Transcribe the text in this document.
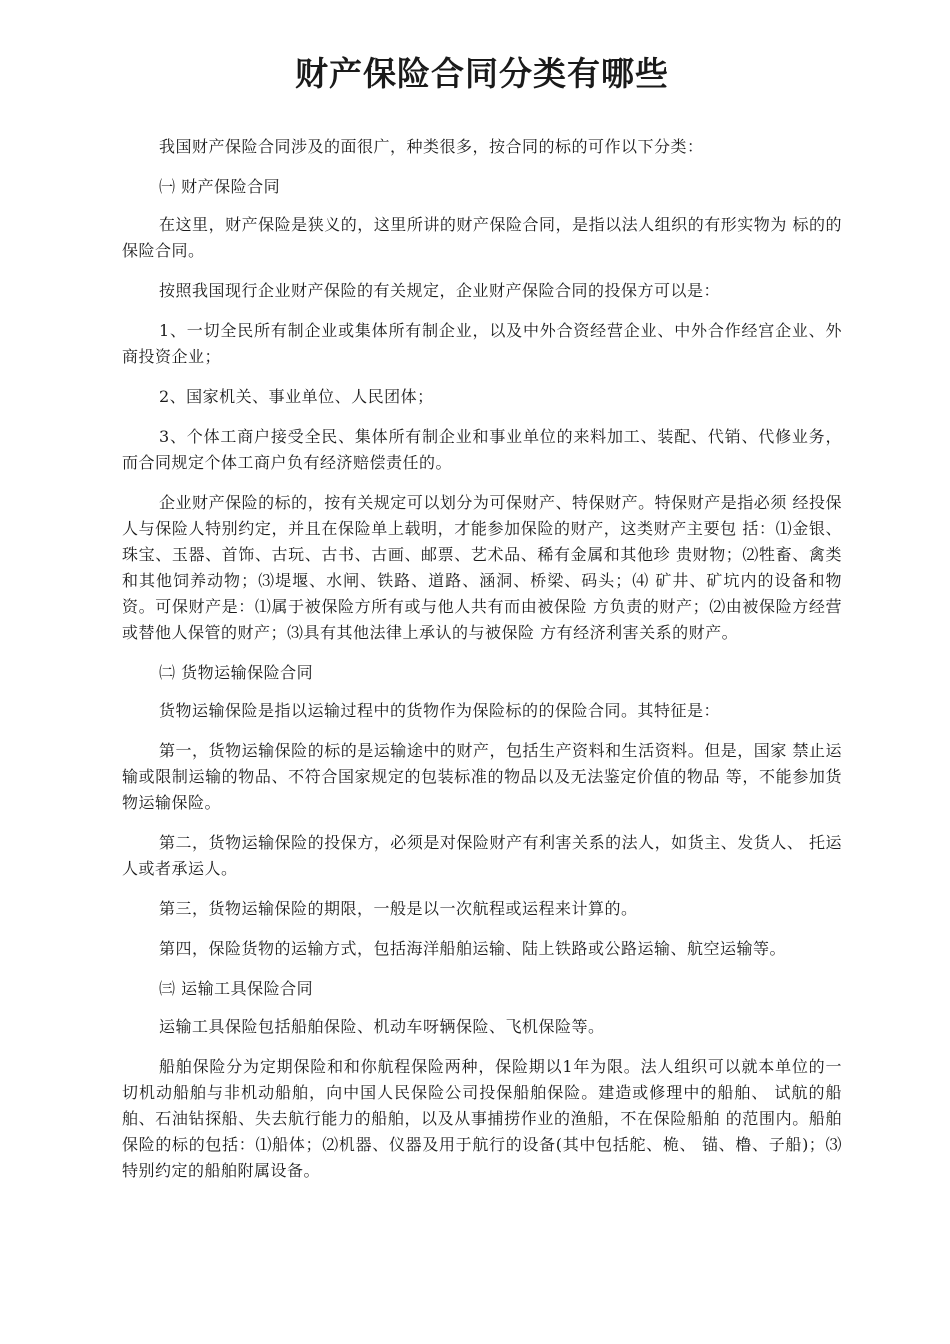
财产保险合同分类有哪些

我国财产保险合同涉及的面很广，种类很多，按合同的标的可作以下分类：

㈠ 财产保险合同

在这里，财产保险是狭义的，这里所讲的财产保险合同，是指以法人组织的有形实物为 标的的保险合同。

按照我国现行企业财产保险的有关规定，企业财产保险合同的投保方可以是：

1、一切全民所有制企业或集体所有制企业，以及中外合资经营企业、中外合作经宫企业、外商投资企业；

2、国家机关、事业单位、人民团体；

3、个体工商户接受全民、集体所有制企业和事业单位的来料加工、装配、代销、代修业务，而合同规定个体工商户负有经济赔偿责任的。

企业财产保险的标的，按有关规定可以划分为可保财产、特保财产。特保财产是指必须 经投保人与保险人特别约定，并且在保险单上载明，才能参加保险的财产，这类财产主要包 括：⑴金银、珠宝、玉器、首饰、古玩、古书、古画、邮票、艺术品、稀有金属和其他珍 贵财物；⑵牲畜、禽类和其他饲养动物；⑶堤堰、水闸、铁路、道路、涵洞、桥梁、码头；⑷ 矿井、矿坑内的设备和物资。可保财产是：⑴属于被保险方所有或与他人共有而由被保险 方负责的财产；⑵由被保险方经营或替他人保管的财产；⑶具有其他法律上承认的与被保险 方有经济利害关系的财产。

㈡ 货物运输保险合同

货物运输保险是指以运输过程中的货物作为保险标的的保险合同。其特征是：

第一，货物运输保险的标的是运输途中的财产，包括生产资料和生活资料。但是，国家 禁止运输或限制运输的物品、不符合国家规定的包装标准的物品以及无法鉴定价值的物品 等，不能参加货物运输保险。

第二，货物运输保险的投保方，必须是对保险财产有利害关系的法人，如货主、发货人、 托运人或者承运人。

第三，货物运输保险的期限，一般是以一次航程或运程来计算的。

第四，保险货物的运输方式，包括海洋船舶运输、陆上铁路或公路运输、航空运输等。

㈢ 运输工具保险合同

运输工具保险包括船舶保险、机动车呀辆保险、飞机保险等。

船舶保险分为定期保险和和你航程保险两种，保险期以1年为限。法人组织可以就本单位的一切机动船舶与非机动船舶，向中国人民保险公司投保船舶保险。建造或修理中的船舶、 试航的船舶、石油钻探船、失去航行能力的船舶，以及从事捕捞作业的渔船，不在保险船舶 的范围内。船舶保险的标的包括：⑴船体；⑵机器、仪器及用于航行的设备(其中包括舵、桅、 锚、橹、子船)；⑶特别约定的船舶附属设备。
